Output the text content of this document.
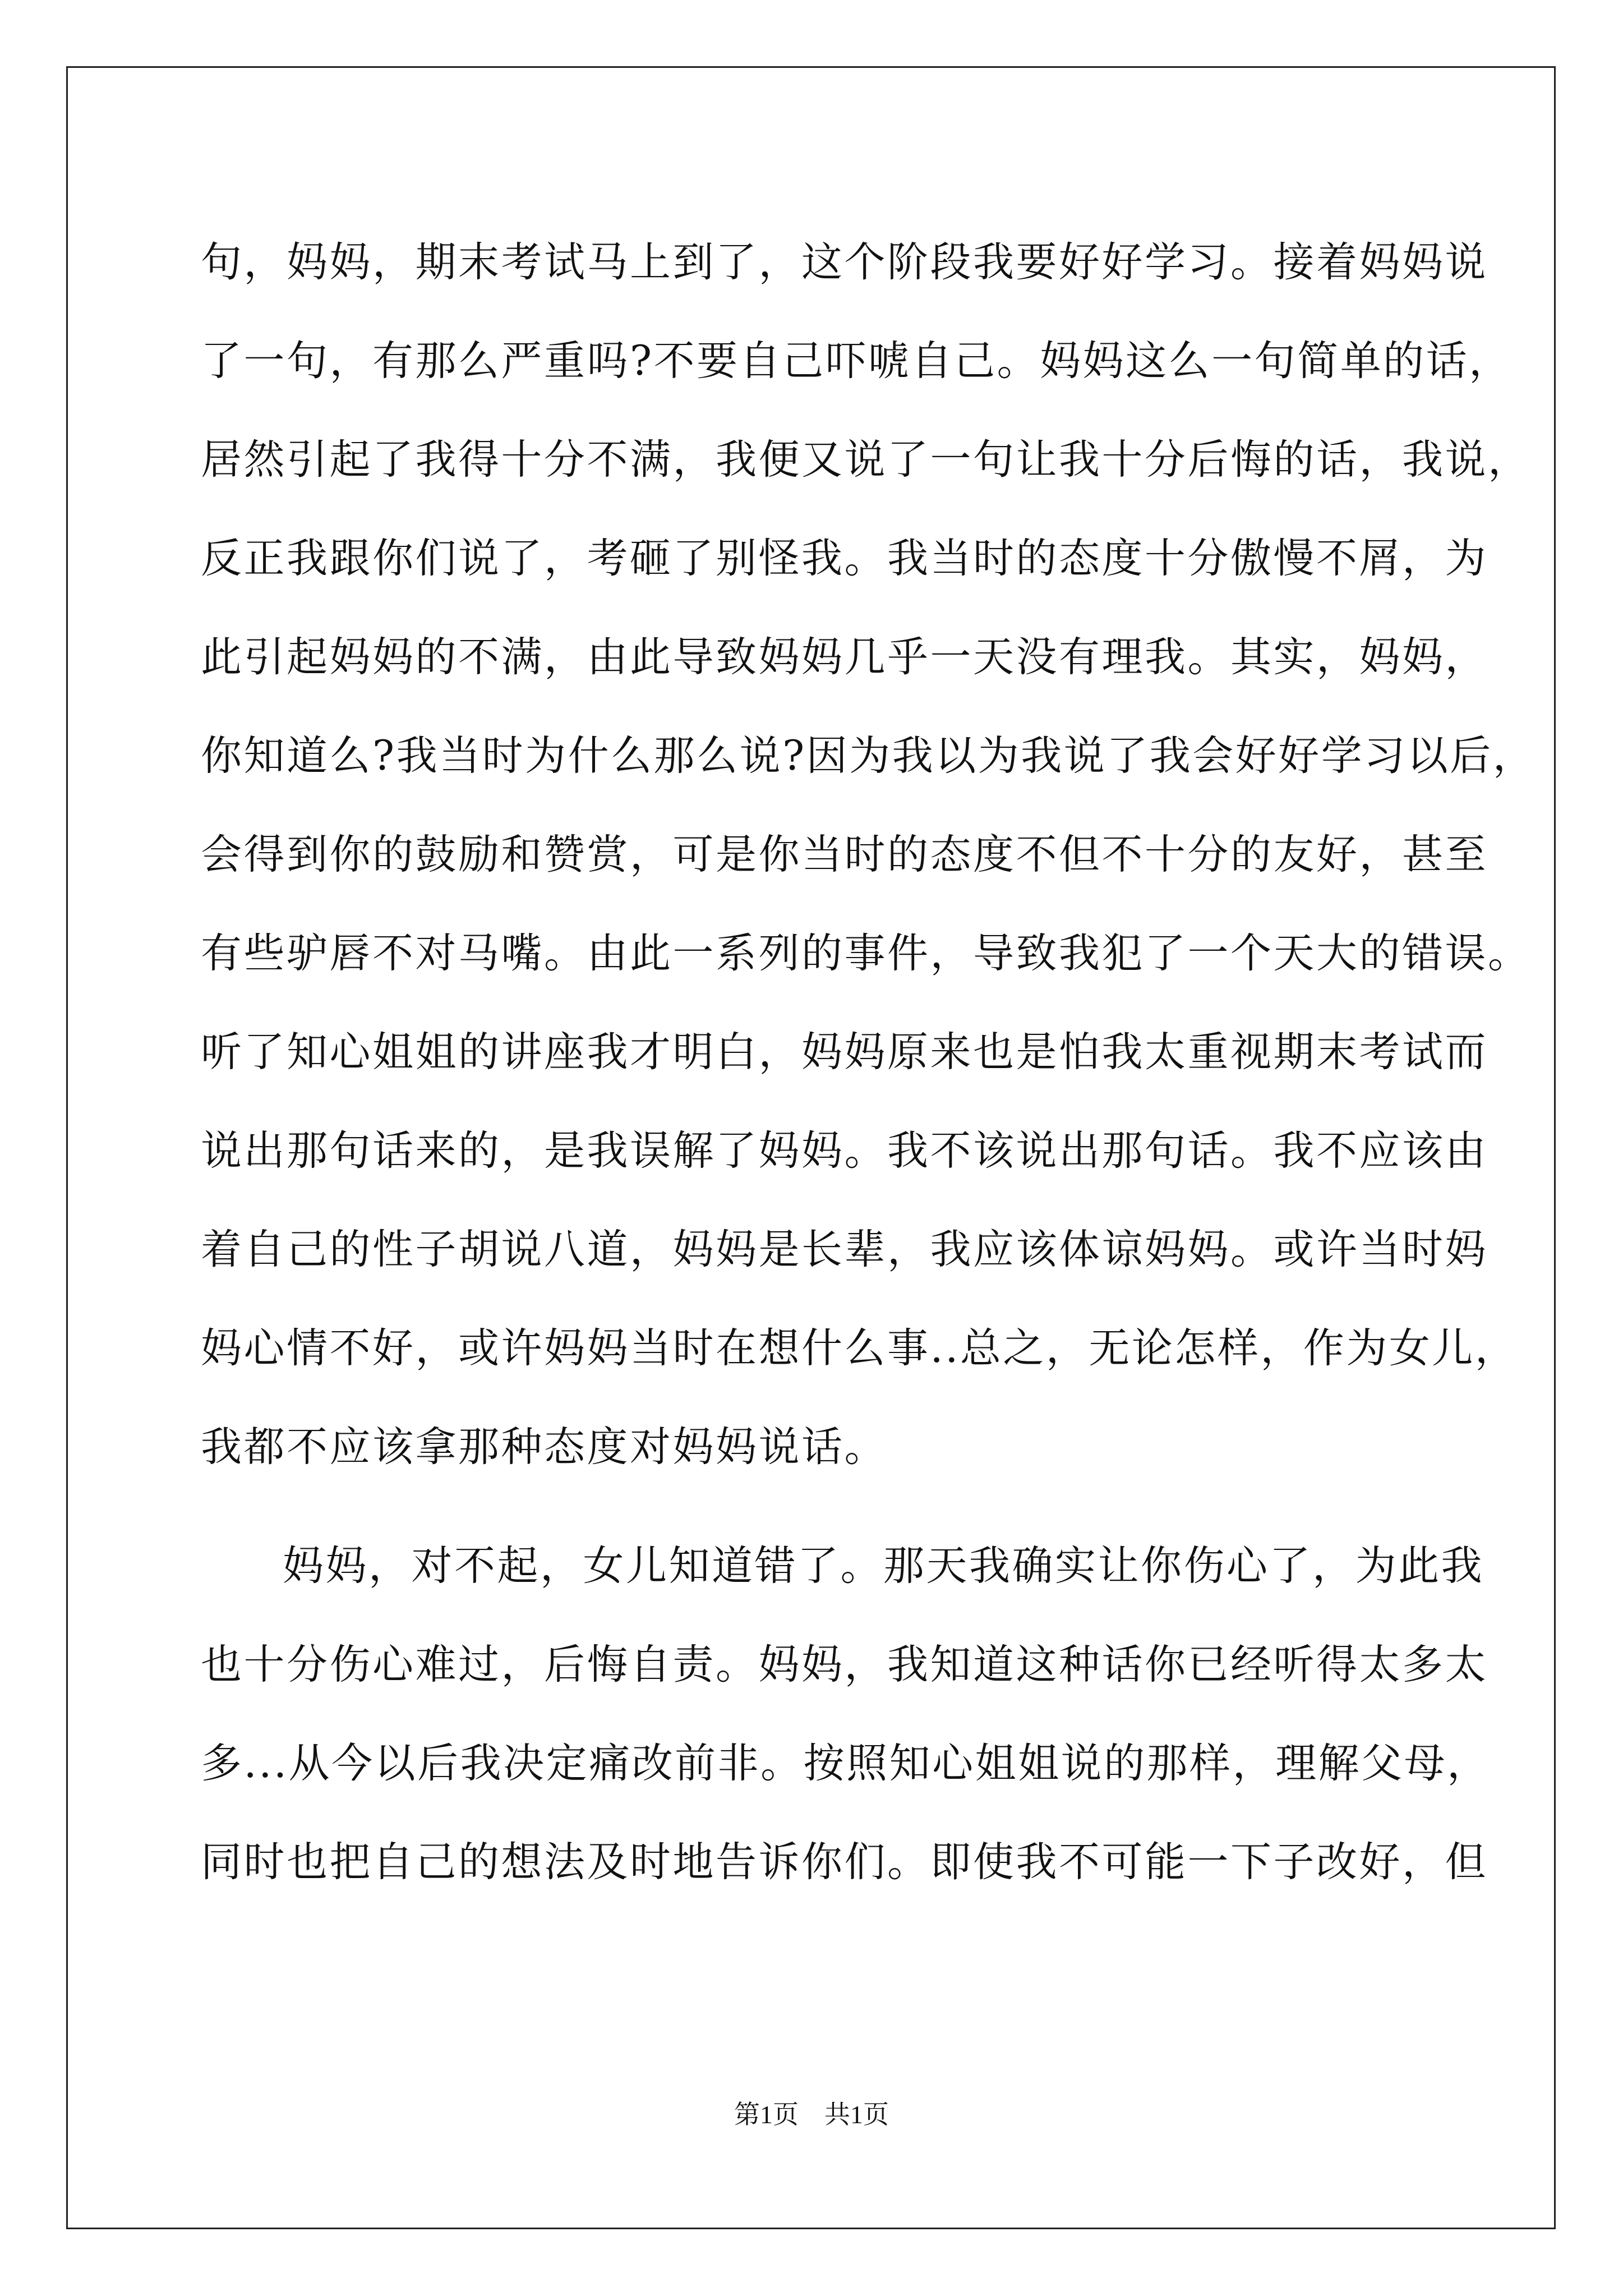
句，妈妈，期末考试马上到了，这个阶段我要好好学习。接着妈妈说
了一句，有那么严重吗?不要自己吓唬自己。妈妈这么一句简单的话，
居然引起了我得十分不满，我便又说了一句让我十分后悔的话，我说，
反正我跟你们说了，考砸了别怪我。我当时的态度十分傲慢不屑，为
此引起妈妈的不满，由此导致妈妈几乎一天没有理我。其实，妈妈，
你知道么?我当时为什么那么说?因为我以为我说了我会好好学习以后，
会得到你的鼓励和赞赏，可是你当时的态度不但不十分的友好，甚至
有些驴唇不对马嘴。由此一系列的事件，导致我犯了一个天大的错误。
听了知心姐姐的讲座我才明白，妈妈原来也是怕我太重视期末考试而
说出那句话来的，是我误解了妈妈。我不该说出那句话。我不应该由
着自己的性子胡说八道，妈妈是长辈，我应该体谅妈妈。或许当时妈
妈心情不好，或许妈妈当时在想什么事..总之，无论怎样，作为女儿，
我都不应该拿那种态度对妈妈说话。
妈妈，对不起，女儿知道错了。那天我确实让你伤心了，为此我
也十分伤心难过，后悔自责。妈妈，我知道这种话你已经听得太多太
多...从今以后我决定痛改前非。按照知心姐姐说的那样，理解父母，
同时也把自己的想法及时地告诉你们。即使我不可能一下子改好，但
第1页　共1页
